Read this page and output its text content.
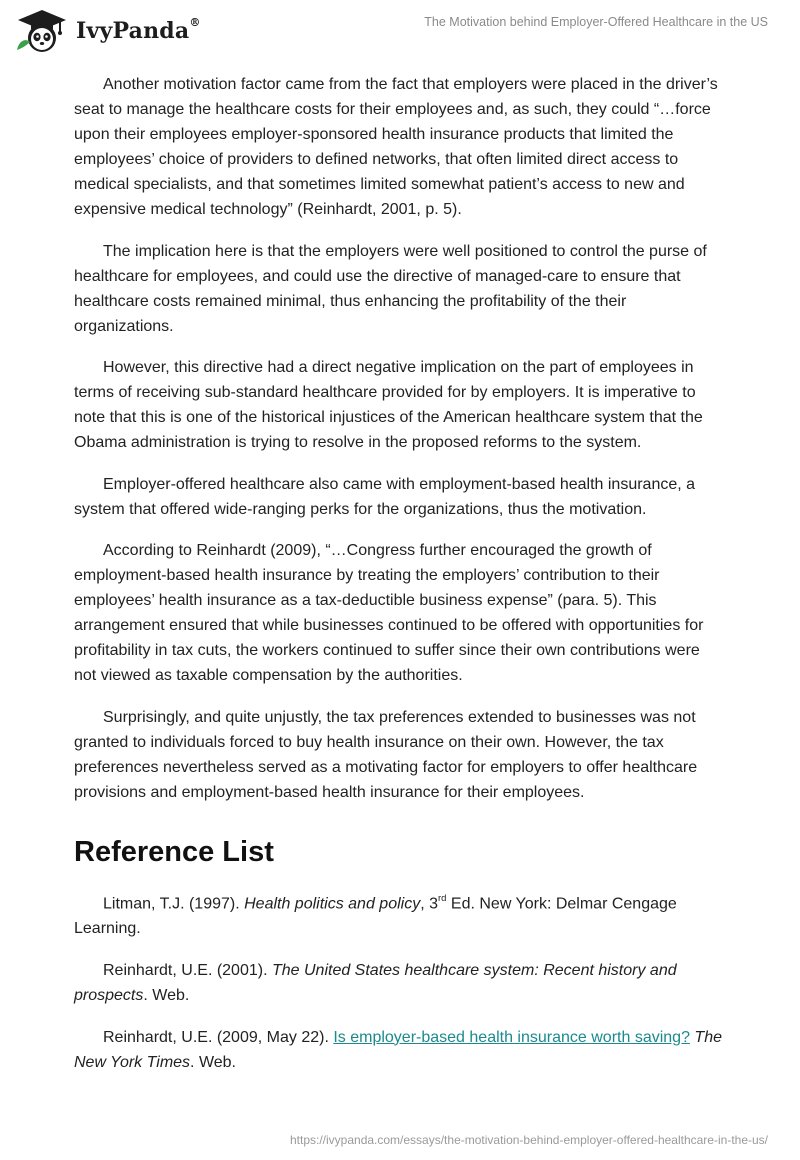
IvyPanda®	The Motivation behind Employer-Offered Healthcare in the US

Another motivation factor came from the fact that employers were placed in the driver’s seat to manage the healthcare costs for their employees and, as such, they could “…force upon their employees employer-sponsored health insurance products that limited the employees’ choice of providers to defined networks, that often limited direct access to medical specialists, and that sometimes limited somewhat patient’s access to new and expensive medical technology” (Reinhardt, 2001, p. 5).

The implication here is that the employers were well positioned to control the purse of healthcare for employees, and could use the directive of managed-care to ensure that healthcare costs remained minimal, thus enhancing the profitability of the their organizations.

However, this directive had a direct negative implication on the part of employees in terms of receiving sub-standard healthcare provided for by employers. It is imperative to note that this is one of the historical injustices of the American healthcare system that the Obama administration is trying to resolve in the proposed reforms to the system.

Employer-offered healthcare also came with employment-based health insurance, a system that offered wide-ranging perks for the organizations, thus the motivation.

According to Reinhardt (2009), “…Congress further encouraged the growth of employment-based health insurance by treating the employers’ contribution to their employees’ health insurance as a tax-deductible business expense” (para. 5). This arrangement ensured that while businesses continued to be offered with opportunities for profitability in tax cuts, the workers continued to suffer since their own contributions were not viewed as taxable compensation by the authorities.

Surprisingly, and quite unjustly, the tax preferences extended to businesses was not granted to individuals forced to buy health insurance on their own. However, the tax preferences nevertheless served as a motivating factor for employers to offer healthcare provisions and employment-based health insurance for their employees.

Reference List

Litman, T.J. (1997). Health politics and policy, 3rd Ed. New York: Delmar Cengage Learning.

Reinhardt, U.E. (2001). The United States healthcare system: Recent history and prospects. Web.

Reinhardt, U.E. (2009, May 22). Is employer-based health insurance worth saving? The New York Times. Web.

https://ivypanda.com/essays/the-motivation-behind-employer-offered-healthcare-in-the-us/
